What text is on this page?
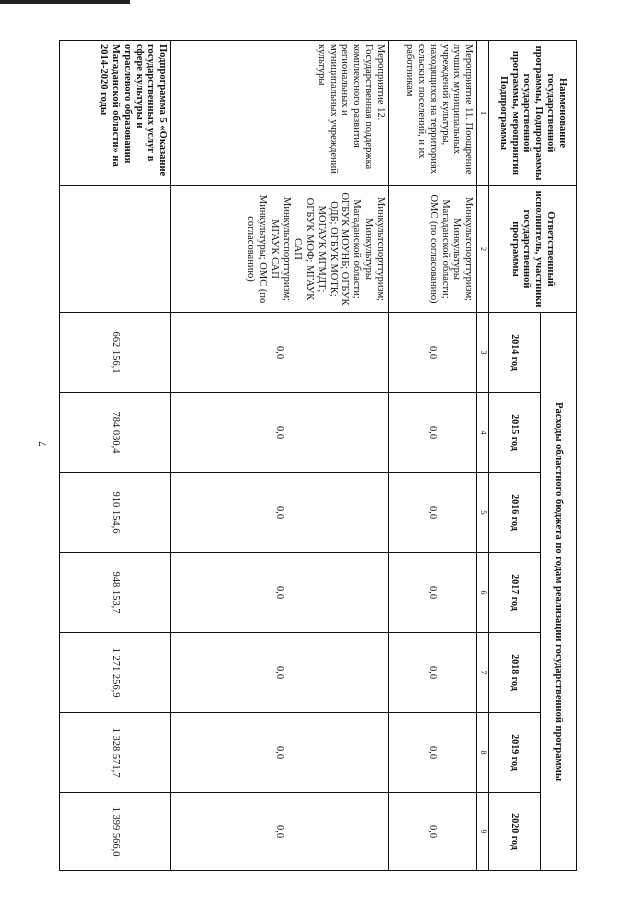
7
Наименование государственной программы, Подпрограммы государственной программы, мероприятия Подпрограммы	Ответственный исполнитель, участники государственной программы	Расходы областного бюджета по годам реализации государственной программы						
		2014 год	2015 год	2016 год	2017 год	2018 год	2019 год	2020 год
1	2	3	4	5	6	7	8	9
Мероприятие 11. Поощрение лучших муниципальных учреждений культуры, находящихся на территориях сельских поселений, и их работникам	Минкультспорттуризм; Минкультуры Магаданской области; ОМС (по согласованию)	0,0	0,0	0,0	0,0	0,0	0,0	0,0
Мероприятие 12. Государственная поддержка комплексного развития региональных и муниципальных учреждений культуры	Минкультспорттуризм; Минкультуры Магаданской области; ОГБУК МОУНБ; ОГБУК ОДБ; ОГБУК МОТК; МОГАУК МГМДТ; ОГБУК МОФ; МГАУК САП Минкультспорттуризм; МГАУК САП Минкультуры; ОМС (по согласованию)	0,0	0,0	0,0	0,0	0,0	0,0	0,0
Подпрограмма 5 «Оказание государственных услуг в сфере культуры и отраслевого образования Магаданской области» на 2014-2020 годы		662 156,1	784 030,4	910 154,6	948 153,7	1 271 256,9	1 328 571,7	1 399 566,0
